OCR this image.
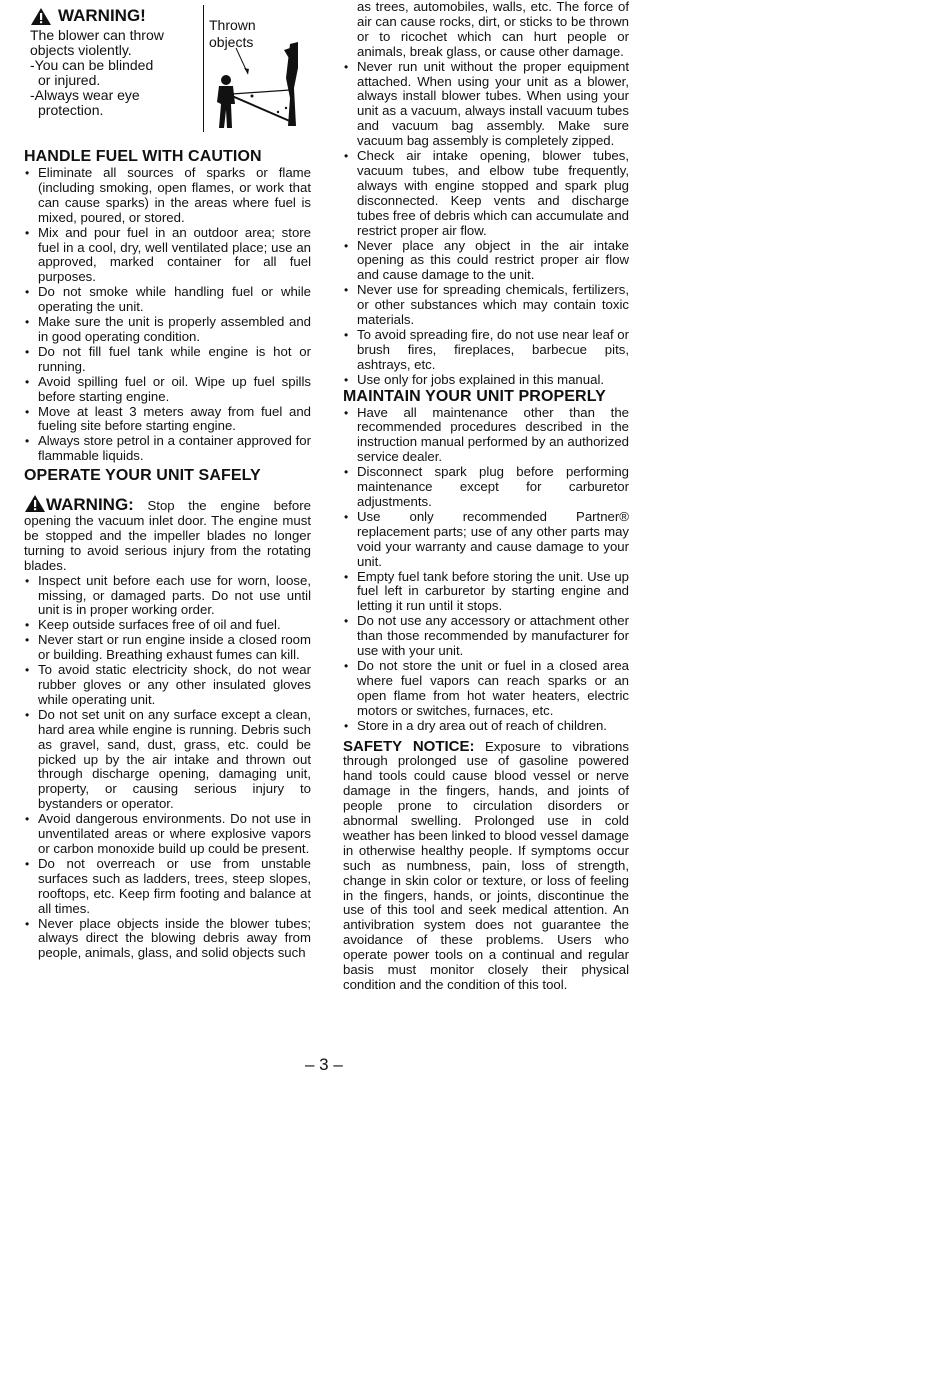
WARNING!
The blower can throw
objects violently.
-You can be blinded
or injured.
-Always wear eye
protection.
Thrown
objects
HANDLE FUEL WITH CAUTION
• Eliminate all sources of sparks or flame (including smoking, open flames, or work that can cause sparks) in the areas where fuel is mixed, poured, or stored.
• Mix and pour fuel in an outdoor area; store fuel in a cool, dry, well ventilated place; use an approved, marked container for all fuel purposes.
• Do not smoke while handling fuel or while operating the unit.
• Make sure the unit is properly assembled and in good operating condition.
• Do not fill fuel tank while engine is hot or running.
• Avoid spilling fuel or oil. Wipe up fuel spills before starting engine.
• Move at least 3 meters away from fuel and fueling site before starting engine.
• Always store petrol in a container approved for flammable liquids.
OPERATE YOUR UNIT SAFELY
WARNING: Stop the engine before opening the vacuum inlet door. The engine must be stopped and the impeller blades no longer turning to avoid serious injury from the rotating blades.
• Inspect unit before each use for worn, loose, missing, or damaged parts. Do not use until unit is in proper working order.
• Keep outside surfaces free of oil and fuel.
• Never start or run engine inside a closed room or building. Breathing exhaust fumes can kill.
• To avoid static electricity shock, do not wear rubber gloves or any other insulated gloves while operating unit.
• Do not set unit on any surface except a clean, hard area while engine is running. Debris such as gravel, sand, dust, grass, etc. could be picked up by the air intake and thrown out through discharge opening, damaging unit, property, or causing serious injury to bystanders or operator.
• Avoid dangerous environments. Do not use in unventilated areas or where explosive vapors or carbon monoxide build up could be present.
• Do not overreach or use from unstable surfaces such as ladders, trees, steep slopes, rooftops, etc. Keep firm footing and balance at all times.
• Never place objects inside the blower tubes; always direct the blowing debris away from people, animals, glass, and solid objects such

as trees, automobiles, walls, etc. The force of air can cause rocks, dirt, or sticks to be thrown or to ricochet which can hurt people or animals, break glass, or cause other damage.

• Never run unit without the proper equipment attached. When using your unit as a blower, always install blower tubes. When using your unit as a vacuum, always install vacuum tubes and vacuum bag assembly. Make sure vacuum bag assembly is completely zipped.
• Check air intake opening, blower tubes, vacuum tubes, and elbow tube frequently, always with engine stopped and spark plug disconnected. Keep vents and discharge tubes free of debris which can accumulate and restrict proper air flow.
• Never place any object in the air intake opening as this could restrict proper air flow and cause damage to the unit.
• Never use for spreading chemicals, fertilizers, or other substances which may contain toxic materials.
• To avoid spreading fire, do not use near leaf or brush fires, fireplaces, barbecue pits, ashtrays, etc.
• Use only for jobs explained in this manual.
MAINTAIN YOUR UNIT PROPERLY
• Have all maintenance other than the recommended procedures described in the instruction manual performed by an authorized service dealer.
• Disconnect spark plug before performing maintenance except for carburetor adjustments.
• Use only recommended Partner® replacement parts; use of any other parts may void your warranty and cause damage to your unit.
• Empty fuel tank before storing the unit. Use up fuel left in carburetor by starting engine and letting it run until it stops.
• Do not use any accessory or attachment other than those recommended by manufacturer for use with your unit.
• Do not store the unit or fuel in a closed area where fuel vapors can reach sparks or an open flame from hot water heaters, electric motors or switches, furnaces, etc.
• Store in a dry area out of reach of children.

SAFETY NOTICE: Exposure to vibrations through prolonged use of gasoline powered hand tools could cause blood vessel or nerve damage in the fingers, hands, and joints of people prone to circulation disorders or abnormal swelling. Prolonged use in cold weather has been linked to blood vessel damage in otherwise healthy people. If symptoms occur such as numbness, pain, loss of strength, change in skin color or texture, or loss of feeling in the fingers, hands, or joints, discontinue the use of this tool and seek medical attention. An antivibration system does not guarantee the avoidance of these problems. Users who operate power tools on a continual and regular basis must monitor closely their physical condition and the condition of this tool.

– 3 –
